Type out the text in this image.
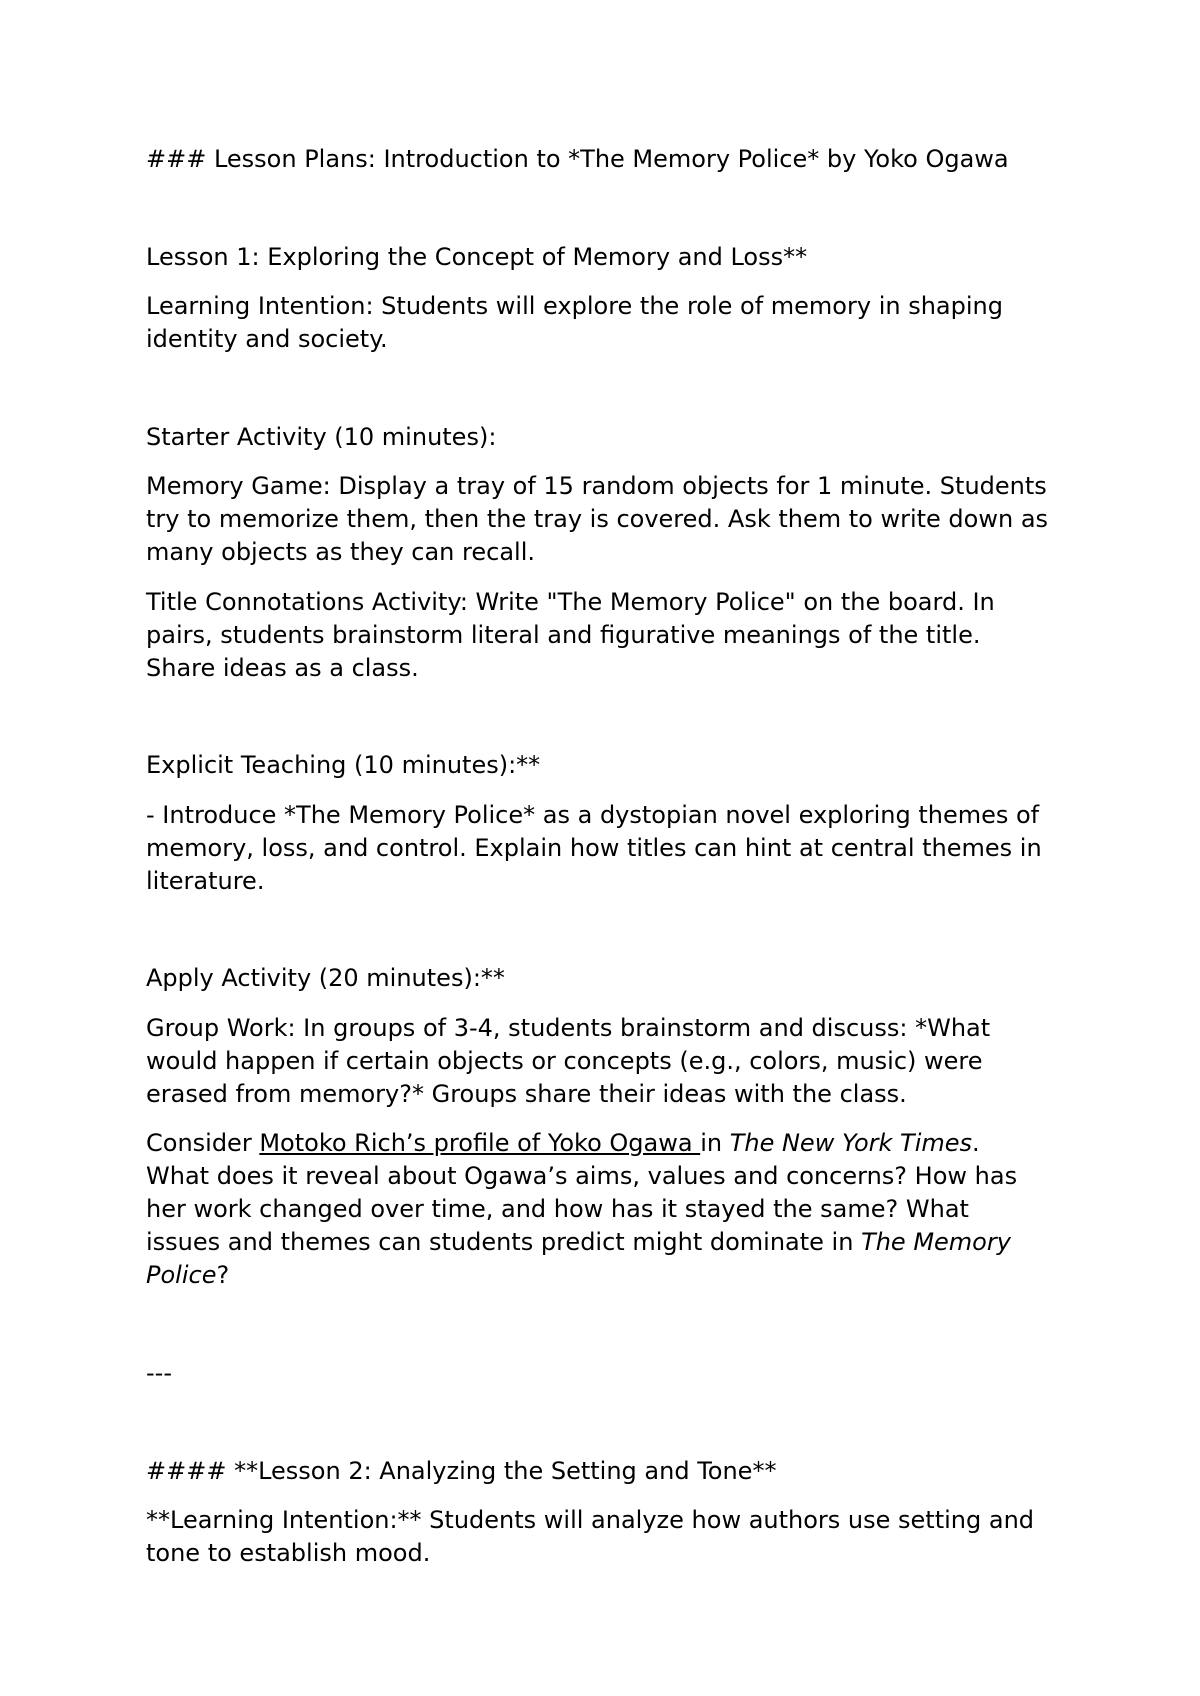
### Lesson Plans: Introduction to *The Memory Police* by Yoko Ogawa

Lesson 1: Exploring the Concept of Memory and Loss**

Learning Intention: Students will explore the role of memory in shaping

identity and society.

Starter Activity (10 minutes):

Memory Game: Display a tray of 15 random objects for 1 minute. Students

try to memorize them, then the tray is covered. Ask them to write down as

many objects as they can recall.

Title Connotations Activity: Write "The Memory Police" on the board. In

pairs, students brainstorm literal and figurative meanings of the title.

Share ideas as a class.

Explicit Teaching (10 minutes):**

- Introduce *The Memory Police* as a dystopian novel exploring themes of

memory, loss, and control. Explain how titles can hint at central themes in

literature.

Apply Activity (20 minutes):**

Group Work: In groups of 3-4, students brainstorm and discuss: *What

would happen if certain objects or concepts (e.g., colors, music) were

erased from memory?* Groups share their ideas with the class.

Consider Motoko Rich’s profile of Yoko Ogawa in The New York Times.

What does it reveal about Ogawa’s aims, values and concerns? How has

her work changed over time, and how has it stayed the same? What

issues and themes can students predict might dominate in The Memory

Police?

---

#### **Lesson 2: Analyzing the Setting and Tone**

**Learning Intention:** Students will analyze how authors use setting and

tone to establish mood.
